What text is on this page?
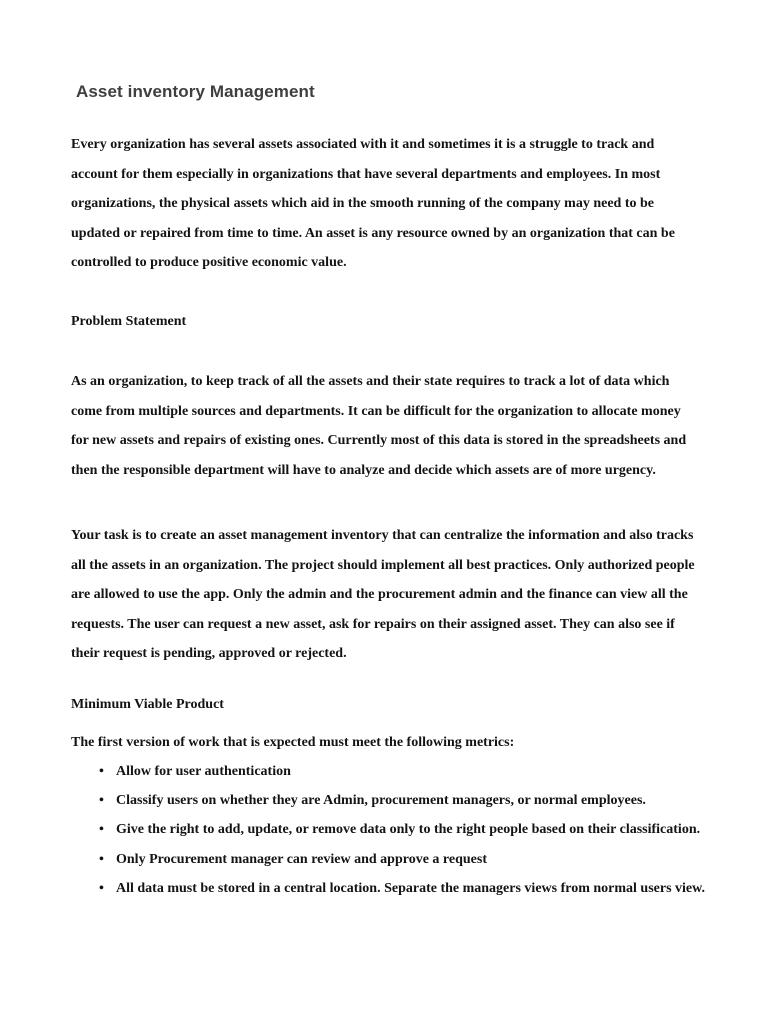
Asset inventory Management

Every organization has several assets associated with it and sometimes it is a struggle to track and account for them especially in organizations that have several departments and employees. In most organizations, the physical assets which aid in the smooth running of the company may need to be updated or repaired from time to time. An asset is any resource owned by an organization that can be controlled to produce positive economic value.

Problem Statement

As an organization, to keep track of all the assets and their state requires to track a lot of data which come from multiple sources and departments. It can be difficult for the organization to allocate money for new assets and repairs of existing ones. Currently most of this data is stored in the spreadsheets and then the responsible department will have to analyze and decide which assets are of more urgency.

Your task is to create an asset management inventory that can centralize the information and also tracks all the assets in an organization. The project should implement all best practices. Only authorized people are allowed to use the app. Only the admin and the procurement admin and the finance can view all the requests. The user can request a new asset, ask for repairs on their assigned asset. They can also see if their request is pending, approved or rejected.

Minimum Viable Product

The first version of work that is expected must meet the following metrics:

• Allow for user authentication
• Classify users on whether they are Admin, procurement managers, or normal employees.
• Give the right to add, update, or remove data only to the right people based on their classification.
• Only Procurement manager can review and approve a request
• All data must be stored in a central location. Separate the managers views from normal users view.
